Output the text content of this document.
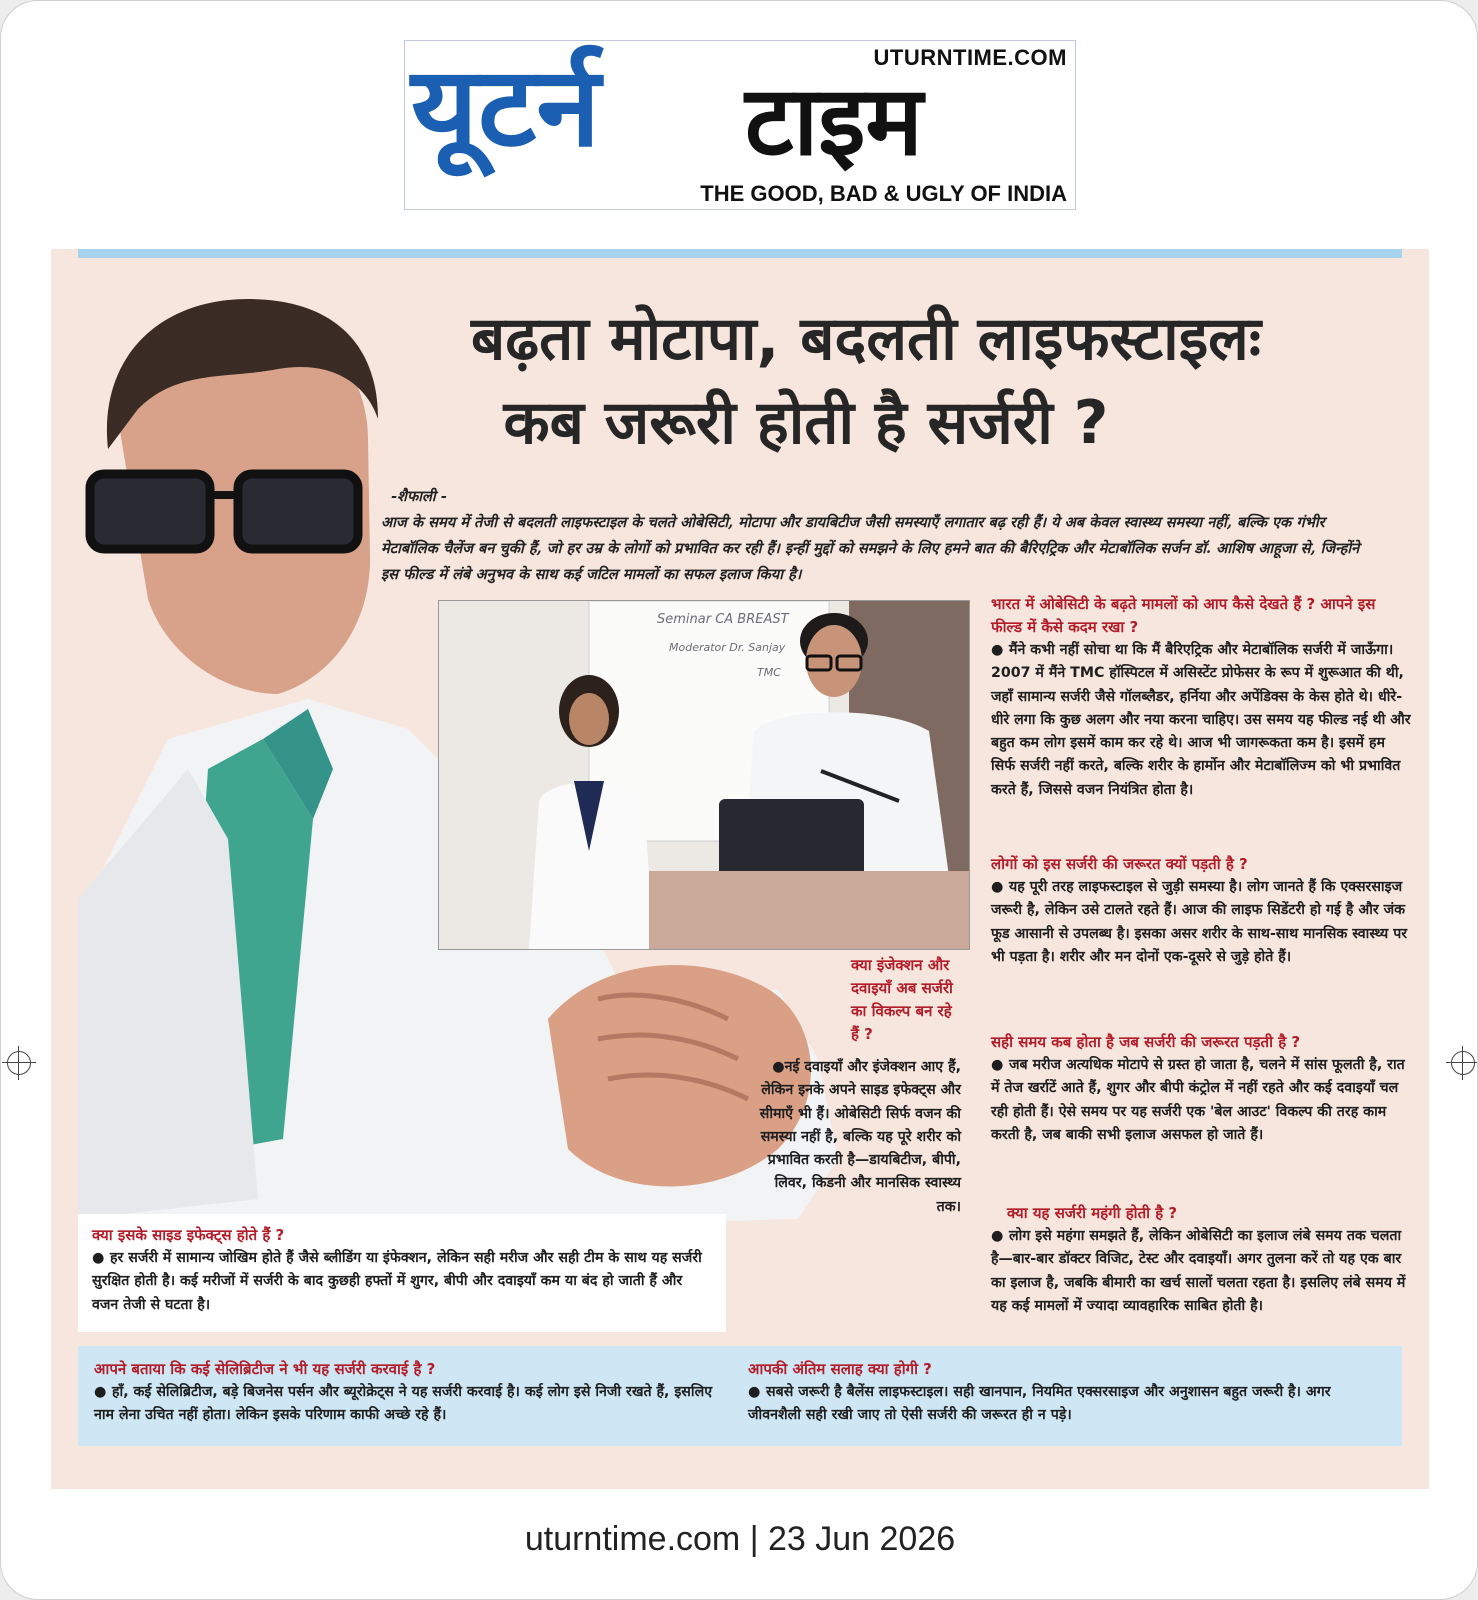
यूटर्न टाइम
UTURNTIME.COM
THE GOOD, BAD & UGLY OF INDIA
बढ़ता मोटापा, बदलती लाइफस्टाइलः
कब जरूरी होती है सर्जरी ?
-शैफाली -
आज के समय में तेजी से बदलती लाइफस्टाइल के चलते ओबेसिटी, मोटापा और डायबिटीज जैसी समस्याएँ लगातार बढ़ रही हैं। ये अब केवल स्वास्थ्य समस्या नहीं, बल्कि एक गंभीर मेटाबॉलिक चैलेंज बन चुकी हैं, जो हर उम्र के लोगों को प्रभावित कर रही हैं। इन्हीं मुद्दों को समझने के लिए हमने बात की बैरिएट्रिक और मेटाबॉलिक सर्जन डॉ. आशिष आहूजा से, जिन्होंने इस फील्ड में लंबे अनुभव के साथ कई जटिल मामलों का सफल इलाज किया है।
Seminar CA BREAST
Moderator Dr. Sanjay
TMC
भारत में ओबेसिटी के बढ़ते मामलों को आप कैसे देखते हैं ? आपने इस फील्ड में कैसे कदम रखा ?
● मैंने कभी नहीं सोचा था कि मैं बैरिएट्रिक और मेटाबॉलिक सर्जरी में जाऊँगा। 2007 में मैंने TMC हॉस्पिटल में असिस्टेंट प्रोफेसर के रूप में शुरूआत की थी, जहाँ सामान्य सर्जरी जैसे गॉलब्लैडर, हर्निया और अपेंडिक्स के केस होते थे। धीरे-धीरे लगा कि कुछ अलग और नया करना चाहिए। उस समय यह फील्ड नई थी और बहुत कम लोग इसमें काम कर रहे थे। आज भी जागरूकता कम है। इसमें हम सिर्फ सर्जरी नहीं करते, बल्कि शरीर के हार्मोन और मेटाबॉलिज्म को भी प्रभावित करते हैं, जिससे वजन नियंत्रित होता है।
लोगों को इस सर्जरी की जरूरत क्यों पड़ती है ?
● यह पूरी तरह लाइफस्टाइल से जुड़ी समस्या है। लोग जानते हैं कि एक्सरसाइज जरूरी है, लेकिन उसे टालते रहते हैं। आज की लाइफ सिडेंटरी हो गई है और जंक फूड आसानी से उपलब्ध है। इसका असर शरीर के साथ-साथ मानसिक स्वास्थ्य पर भी पड़ता है। शरीर और मन दोनों एक-दूसरे से जुड़े होते हैं।
सही समय कब होता है जब सर्जरी की जरूरत पड़ती है ?
● जब मरीज अत्यधिक मोटापे से ग्रस्त हो जाता है, चलने में सांस फूलती है, रात में तेज खर्राटें आते हैं, शुगर और बीपी कंट्रोल में नहीं रहते और कई दवाइयाँ चल रही होती हैं। ऐसे समय पर यह सर्जरी एक 'बेल आउट' विकल्प की तरह काम करती है, जब बाकी सभी इलाज असफल हो जाते हैं।
क्या यह सर्जरी महंगी होती है ?
● लोग इसे महंगा समझते हैं, लेकिन ओबेसिटी का इलाज लंबे समय तक चलता है—बार-बार डॉक्टर विजिट, टेस्ट और दवाइयाँ। अगर तुलना करें तो यह एक बार का इलाज है, जबकि बीमारी का खर्च सालों चलता रहता है। इसलिए लंबे समय में यह कई मामलों में ज्यादा व्यावहारिक साबित होती है।
क्या इंजेक्शन और दवाइयाँ अब सर्जरी का विकल्प बन रहे हैं ?
●नई दवाइयाँ और इंजेक्शन आए हैं, लेकिन इनके अपने साइड इफेक्ट्स और सीमाएँ भी हैं। ओबेसिटी सिर्फ वजन की समस्या नहीं है, बल्कि यह पूरे शरीर को प्रभावित करती है—डायबिटीज, बीपी, लिवर, किडनी और मानसिक स्वास्थ्य तक।
क्या इसके साइड इफेक्ट्स होते हैं ?
● हर सर्जरी में सामान्य जोखिम होते हैं जैसे ब्लीडिंग या इंफेक्शन, लेकिन सही मरीज और सही टीम के साथ यह सर्जरी सुरक्षित होती है। कई मरीजों में सर्जरी के बाद कुछही हफ्तों में शुगर, बीपी और दवाइयाँ कम या बंद हो जाती हैं और वजन तेजी से घटता है।
आपने बताया कि कई सेलिब्रिटीज ने भी यह सर्जरी करवाई है ?
● हाँ, कई सेलिब्रिटीज, बड़े बिजनेस पर्सन और ब्यूरोक्रेट्स ने यह सर्जरी करवाई है। कई लोग इसे निजी रखते हैं, इसलिए नाम लेना उचित नहीं होता। लेकिन इसके परिणाम काफी अच्छे रहे हैं।
आपकी अंतिम सलाह क्या होगी ?
● सबसे जरूरी है बैलेंस लाइफस्टाइल। सही खानपान, नियमित एक्सरसाइज और अनुशासन बहुत जरूरी है। अगर जीवनशैली सही रखी जाए तो ऐसी सर्जरी की जरूरत ही न पड़े।
uturntime.com | 23 Jun 2026
